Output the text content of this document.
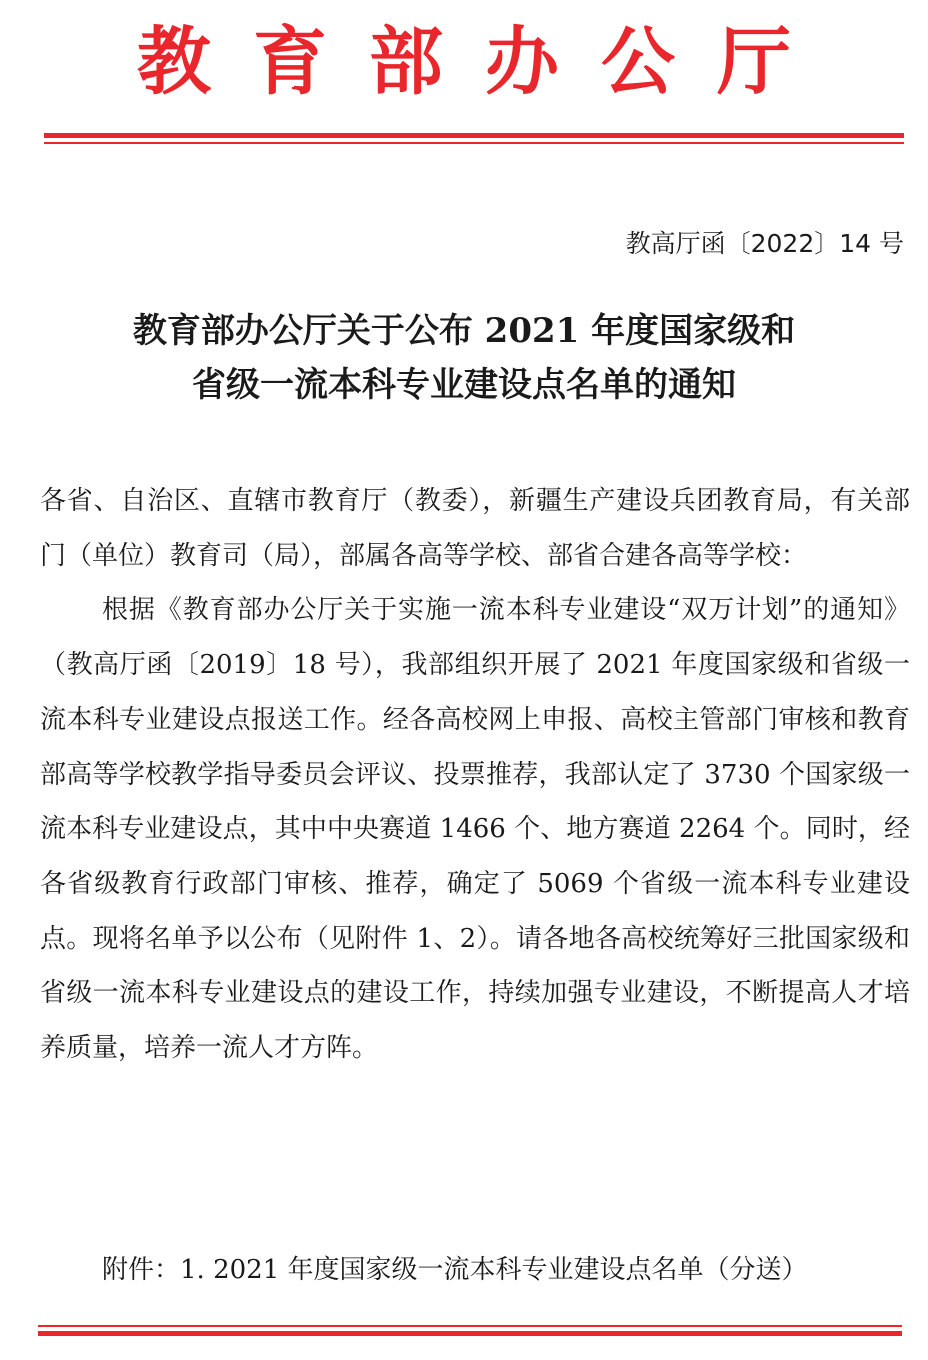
教育部办公厅
教高厅函〔2022〕14 号
教育部办公厅关于公布 2021 年度国家级和
省级一流本科专业建设点名单的通知

各省、自治区、直辖市教育厅（教委），新疆生产建设兵团教育局，有关部门（单位）教育司（局），部属各高等学校、部省合建各高等学校：

根据《教育部办公厅关于实施一流本科专业建设“双万计划”的通知》（教高厅函〔2019〕18 号），我部组织开展了 2021 年度国家级和省级一流本科专业建设点报送工作。经各高校网上申报、高校主管部门审核和教育部高等学校教学指导委员会评议、投票推荐，我部认定了 3730 个国家级一流本科专业建设点，其中中央赛道 1466 个、地方赛道 2264 个。同时，经各省级教育行政部门审核、推荐，确定了 5069 个省级一流本科专业建设点。现将名单予以公布（见附件 1、2）。请各地各高校统筹好三批国家级和省级一流本科专业建设点的建设工作，持续加强专业建设，不断提高人才培养质量，培养一流人才方阵。

附件：1. 2021 年度国家级一流本科专业建设点名单（分送）
